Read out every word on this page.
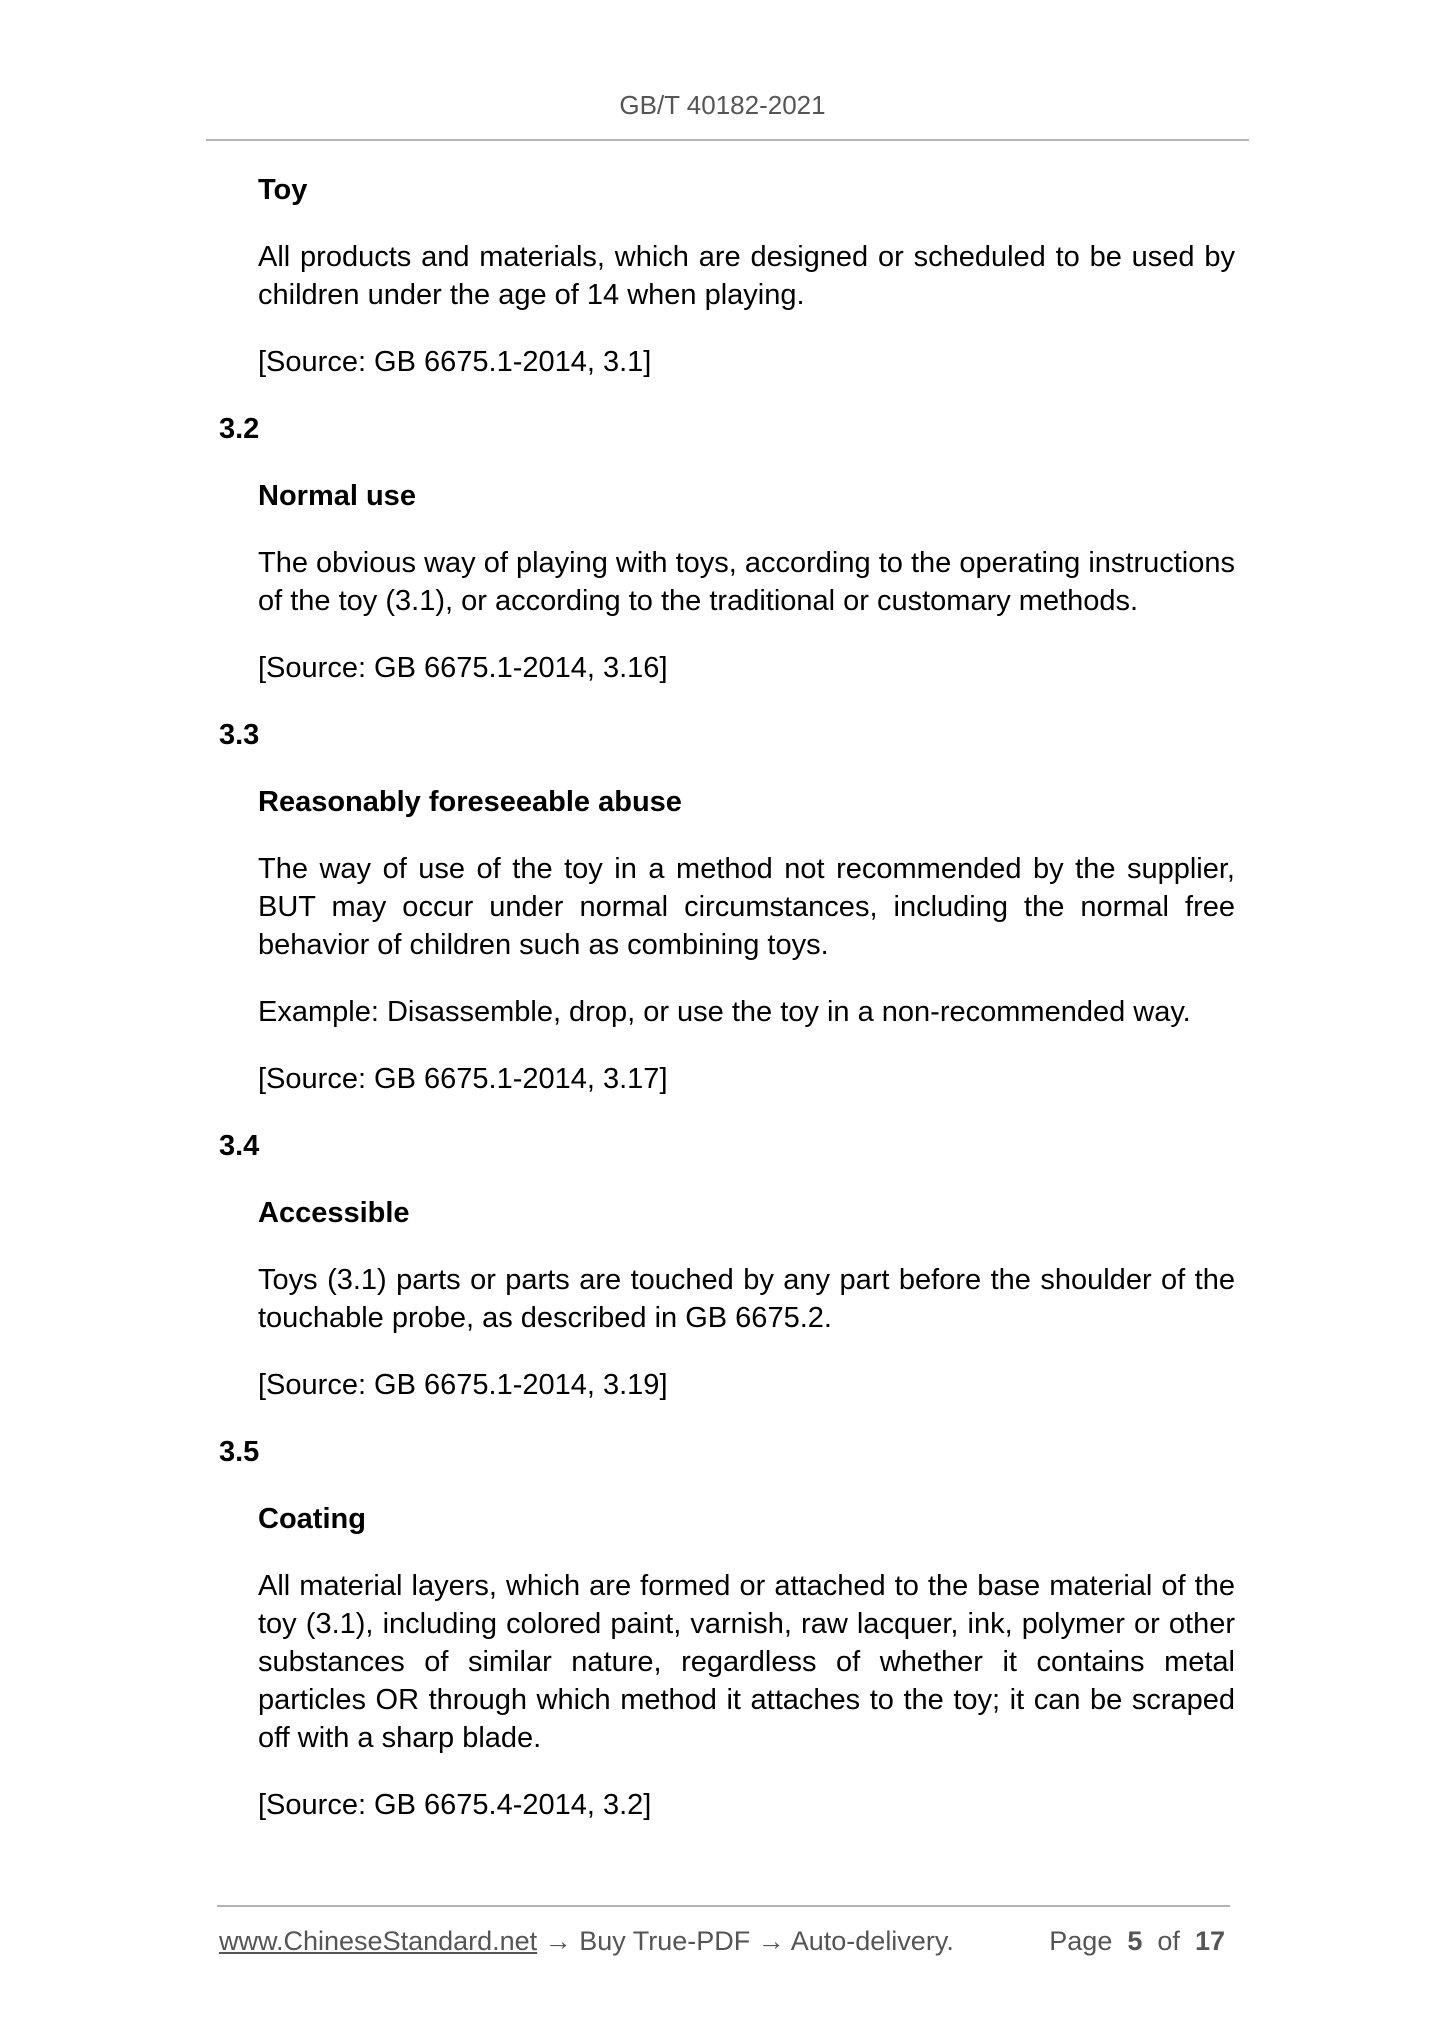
GB/T 40182-2021

Toy

All products and materials, which are designed or scheduled to be used by children under the age of 14 when playing.

[Source: GB 6675.1-2014, 3.1]

3.2

Normal use

The obvious way of playing with toys, according to the operating instructions of the toy (3.1), or according to the traditional or customary methods.

[Source: GB 6675.1-2014, 3.16]

3.3

Reasonably foreseeable abuse

The way of use of the toy in a method not recommended by the supplier, BUT may occur under normal circumstances, including the normal free behavior of children such as combining toys.

Example: Disassemble, drop, or use the toy in a non-recommended way.

[Source: GB 6675.1-2014, 3.17]

3.4

Accessible

Toys (3.1) parts or parts are touched by any part before the shoulder of the touchable probe, as described in GB 6675.2.

[Source: GB 6675.1-2014, 3.19]

3.5

Coating

All material layers, which are formed or attached to the base material of the toy (3.1), including colored paint, varnish, raw lacquer, ink, polymer or other substances of similar nature, regardless of whether it contains metal particles OR through which method it attaches to the toy; it can be scraped off with a sharp blade.

[Source: GB 6675.4-2014, 3.2]

www.ChineseStandard.net → Buy True-PDF → Auto-delivery.	Page 5 of 17
